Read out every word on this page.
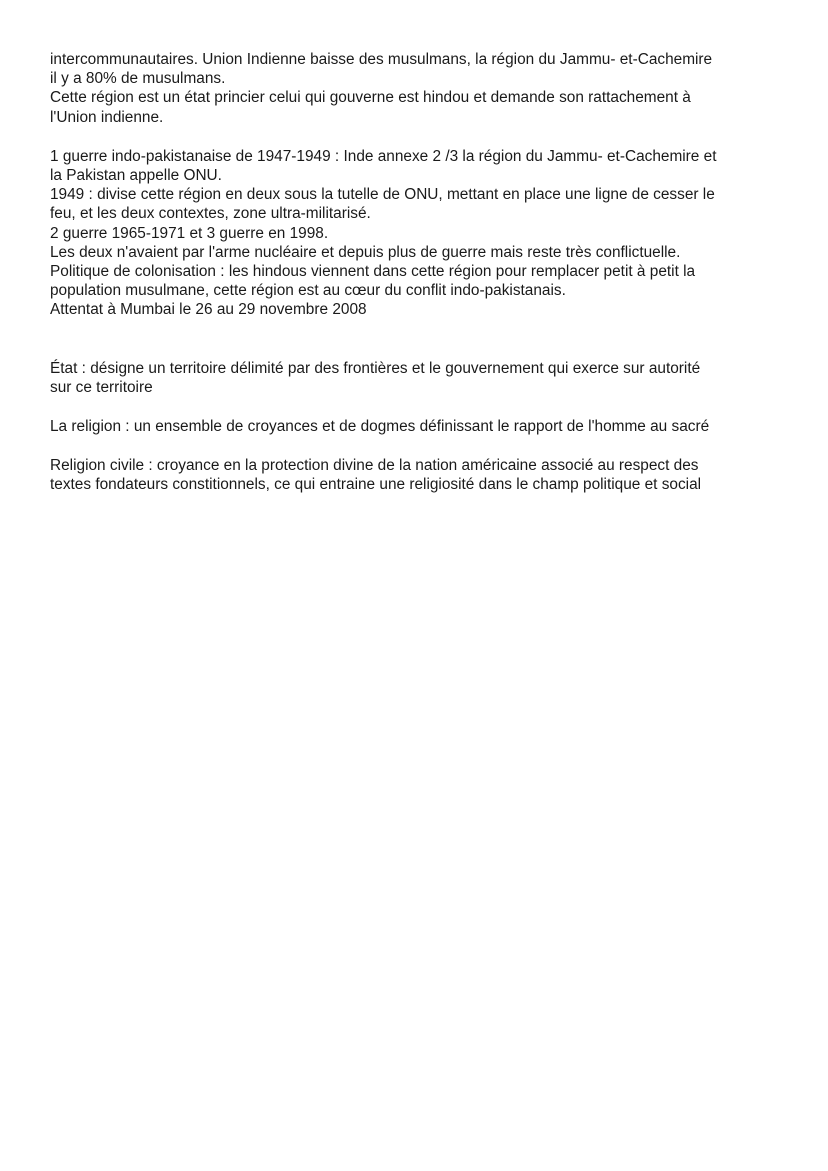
intercommunautaires. Union Indienne baisse des musulmans, la région du Jammu- et-Cachemire
il y a 80% de musulmans.
Cette région est un état princier celui qui gouverne est hindou et demande son rattachement à
l'Union indienne.
1 guerre indo-pakistanaise de 1947-1949 : Inde annexe 2 /3 la région du Jammu- et-Cachemire et
la Pakistan appelle ONU.
1949 : divise cette région en deux sous la tutelle de ONU, mettant en place une ligne de cesser le
feu, et les deux contextes, zone ultra-militarisé.
2 guerre 1965-1971 et 3 guerre en 1998.
Les deux n'avaient par l'arme nucléaire et depuis plus de guerre mais reste très conflictuelle.
Politique de colonisation : les hindous viennent dans cette région pour remplacer petit à petit la
population musulmane, cette région est au cœur du conflit indo-pakistanais.
Attentat à Mumbai le 26 au 29 novembre 2008
État : désigne un territoire délimité par des frontières et le gouvernement qui exerce sur autorité
sur ce territoire
La religion : un ensemble de croyances et de dogmes définissant le rapport de l'homme au sacré
Religion civile : croyance en la protection divine de la nation américaine associé au respect des
textes fondateurs constitionnels, ce qui entraine une religiosité dans le champ politique et social
